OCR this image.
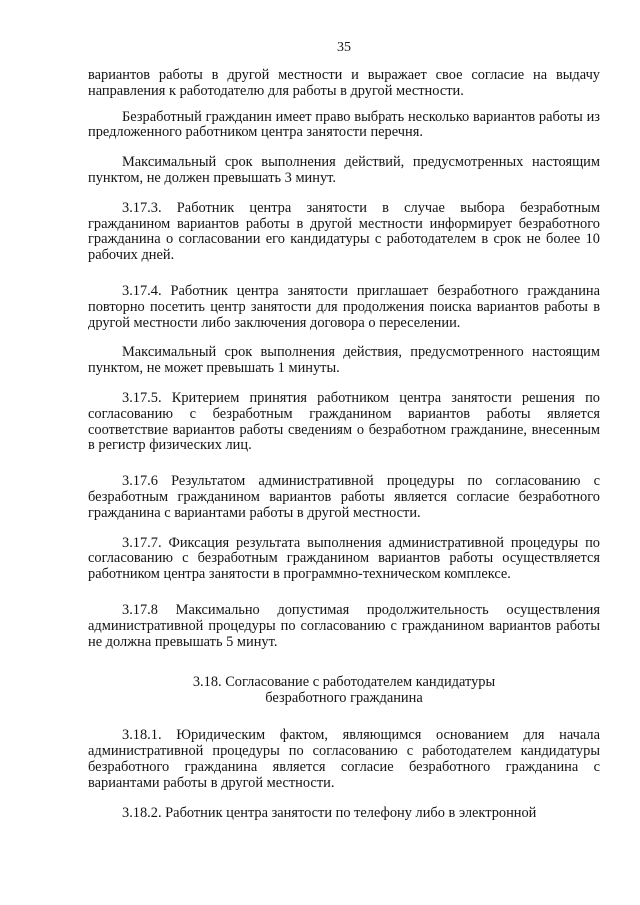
35

вариантов работы в другой местности и выражает свое согласие на выдачу направления к работодателю для работы в другой местности.

Безработный гражданин имеет право выбрать несколько вариантов работы из предложенного работником центра занятости перечня.

Максимальный срок выполнения действий, предусмотренных настоящим пунктом, не должен превышать 3 минут.

3.17.3. Работник центра занятости в случае выбора безработным гражданином вариантов работы в другой местности информирует безработного гражданина о согласовании его кандидатуры с работодателем в срок не более 10 рабочих дней.

3.17.4. Работник центра занятости приглашает безработного гражданина повторно посетить центр занятости для продолжения поиска вариантов работы в другой местности либо заключения договора о переселении.

Максимальный срок выполнения действия, предусмотренного настоящим пунктом, не может превышать 1 минуты.

3.17.5. Критерием принятия работником центра занятости решения по согласованию с безработным гражданином вариантов работы является соответствие вариантов работы сведениям о безработном гражданине, внесенным в регистр физических лиц.

3.17.6 Результатом административной процедуры по согласованию с безработным гражданином вариантов работы является согласие безработного гражданина с вариантами работы в другой местности.

3.17.7. Фиксация результата выполнения административной процедуры по согласованию с безработным гражданином вариантов работы осуществляется работником центра занятости в программно-техническом комплексе.

3.17.8 Максимально допустимая продолжительность осуществления административной процедуры по согласованию с гражданином вариантов работы не должна превышать 5 минут.

3.18. Согласование с работодателем кандидатуры
безработного гражданина

3.18.1. Юридическим фактом, являющимся основанием для начала административной процедуры по согласованию с работодателем кандидатуры безработного гражданина является согласие безработного гражданина с вариантами работы в другой местности.

3.18.2. Работник центра занятости по телефону либо в электронной
